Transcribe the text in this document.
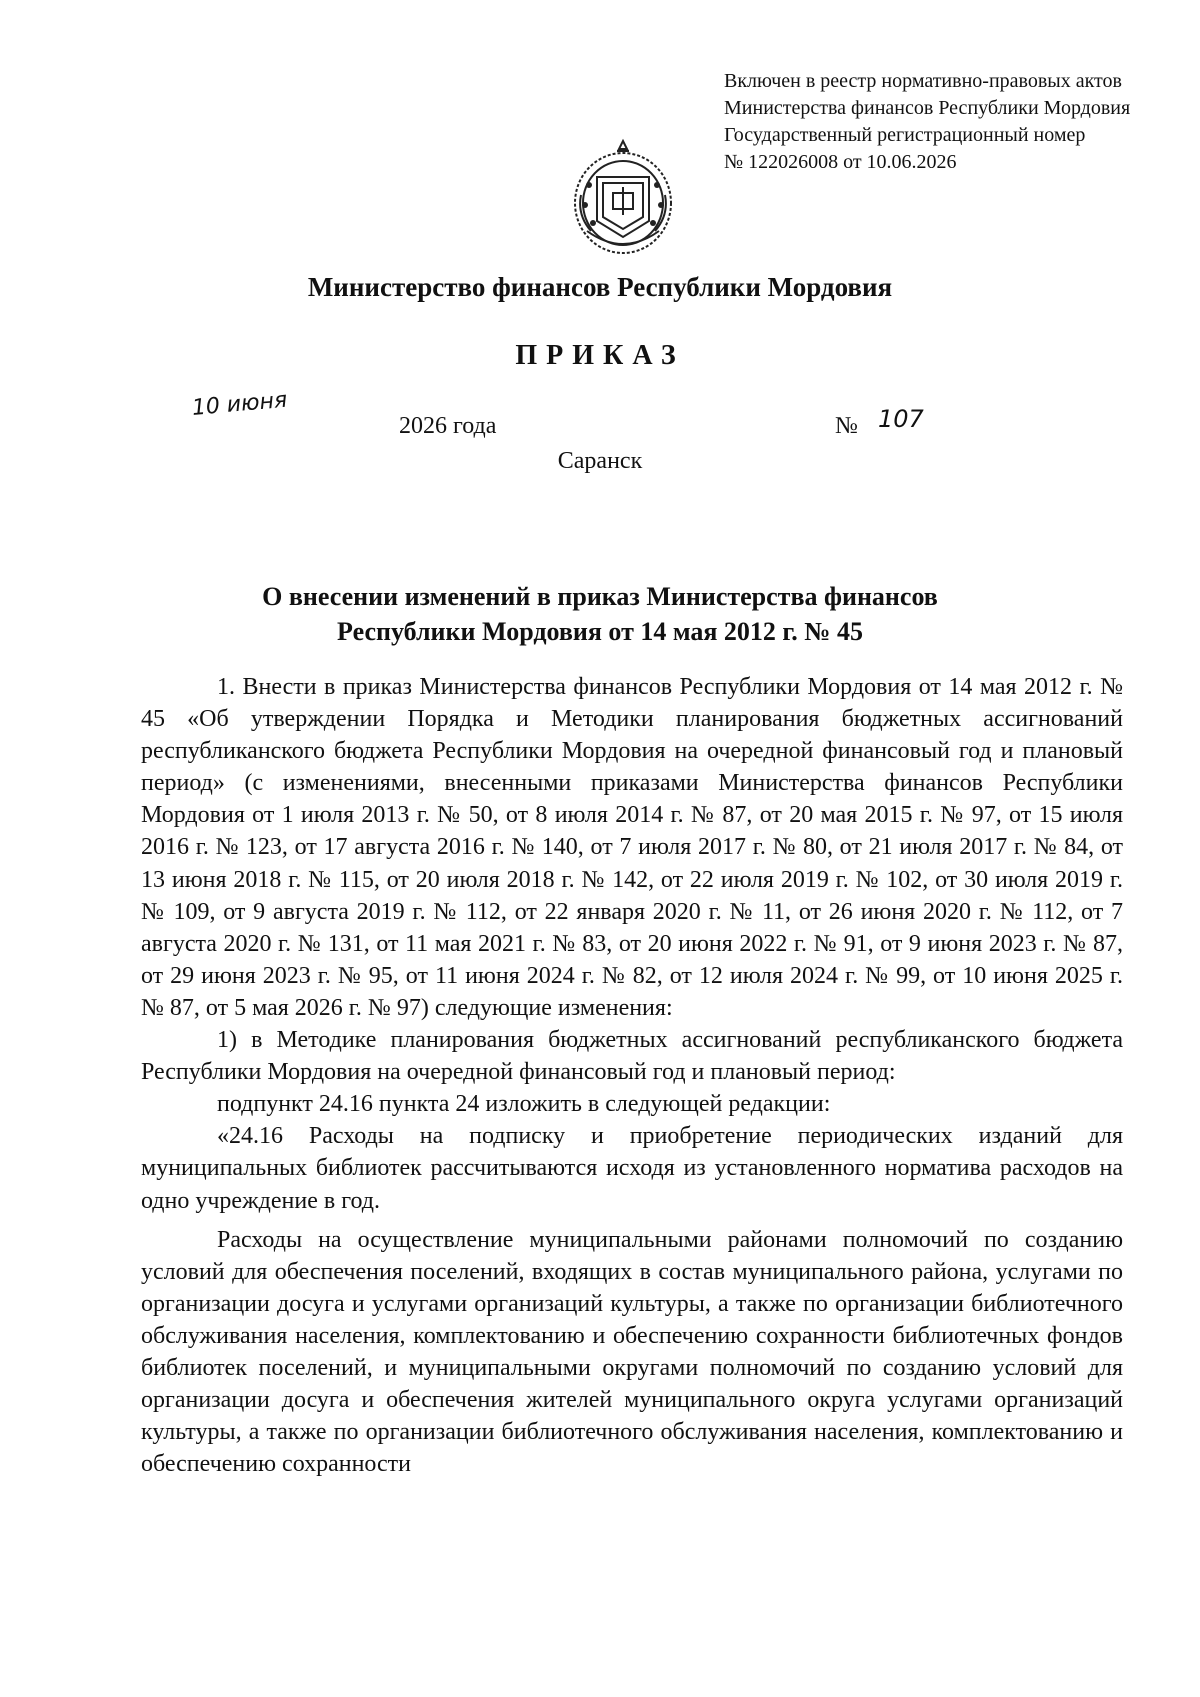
Включен в реестр нормативно-правовых актов
Министерства финансов Республики Мордовия
Государственный регистрационный номер
№ 122026008 от 10.06.2026
Министерство финансов Республики Мордовия
ПРИКАЗ
10 июня
2026 года	№ 107
Саранск
О внесении изменений в приказ Министерства финансов
Республики Мордовия от 14 мая 2012 г. № 45

1. Внести в приказ Министерства финансов Республики Мордовия от 14 мая 2012 г. № 45 «Об утверждении Порядка и Методики планирования бюджетных ассигнований республиканского бюджета Республики Мордовия на очередной финансовый год и плановый период» (с изменениями, внесенными приказами Министерства финансов Республики Мордовия от 1 июля 2013 г. № 50, от 8 июля 2014 г. № 87, от 20 мая 2015 г. № 97, от 15 июля 2016 г. № 123, от 17 августа 2016 г. № 140, от 7 июля 2017 г. № 80, от 21 июля 2017 г. № 84, от 13 июня 2018 г. № 115, от 20 июля 2018 г. № 142, от 22 июля 2019 г. № 102, от 30 июля 2019 г. № 109, от 9 августа 2019 г. № 112, от 22 января 2020 г. № 11, от 26 июня 2020 г. № 112, от 7 августа 2020 г. № 131, от 11 мая 2021 г. № 83, от 20 июня 2022 г. № 91, от 9 июня 2023 г. № 87, от 29 июня 2023 г. № 95, от 11 июня 2024 г. № 82, от 12 июля 2024 г. № 99, от 10 июня 2025 г. № 87, от 5 мая 2026 г. № 97) следующие изменения:

1) в Методике планирования бюджетных ассигнований республиканского бюджета Республики Мордовия на очередной финансовый год и плановый период:

подпункт 24.16 пункта 24 изложить в следующей редакции:

«24.16 Расходы на подписку и приобретение периодических изданий для муниципальных библиотек рассчитываются исходя из установленного норматива расходов на одно учреждение в год.

Расходы на осуществление муниципальными районами полномочий по созданию условий для обеспечения поселений, входящих в состав муниципального района, услугами по организации досуга и услугами организаций культуры, а также по организации библиотечного обслуживания населения, комплектованию и обеспечению сохранности библиотечных фондов библиотек поселений, и муниципальными округами полномочий по созданию условий для организации досуга и обеспечения жителей муниципального округа услугами организаций культуры, а также по организации библиотечного обслуживания населения, комплектованию и обеспечению сохранности
